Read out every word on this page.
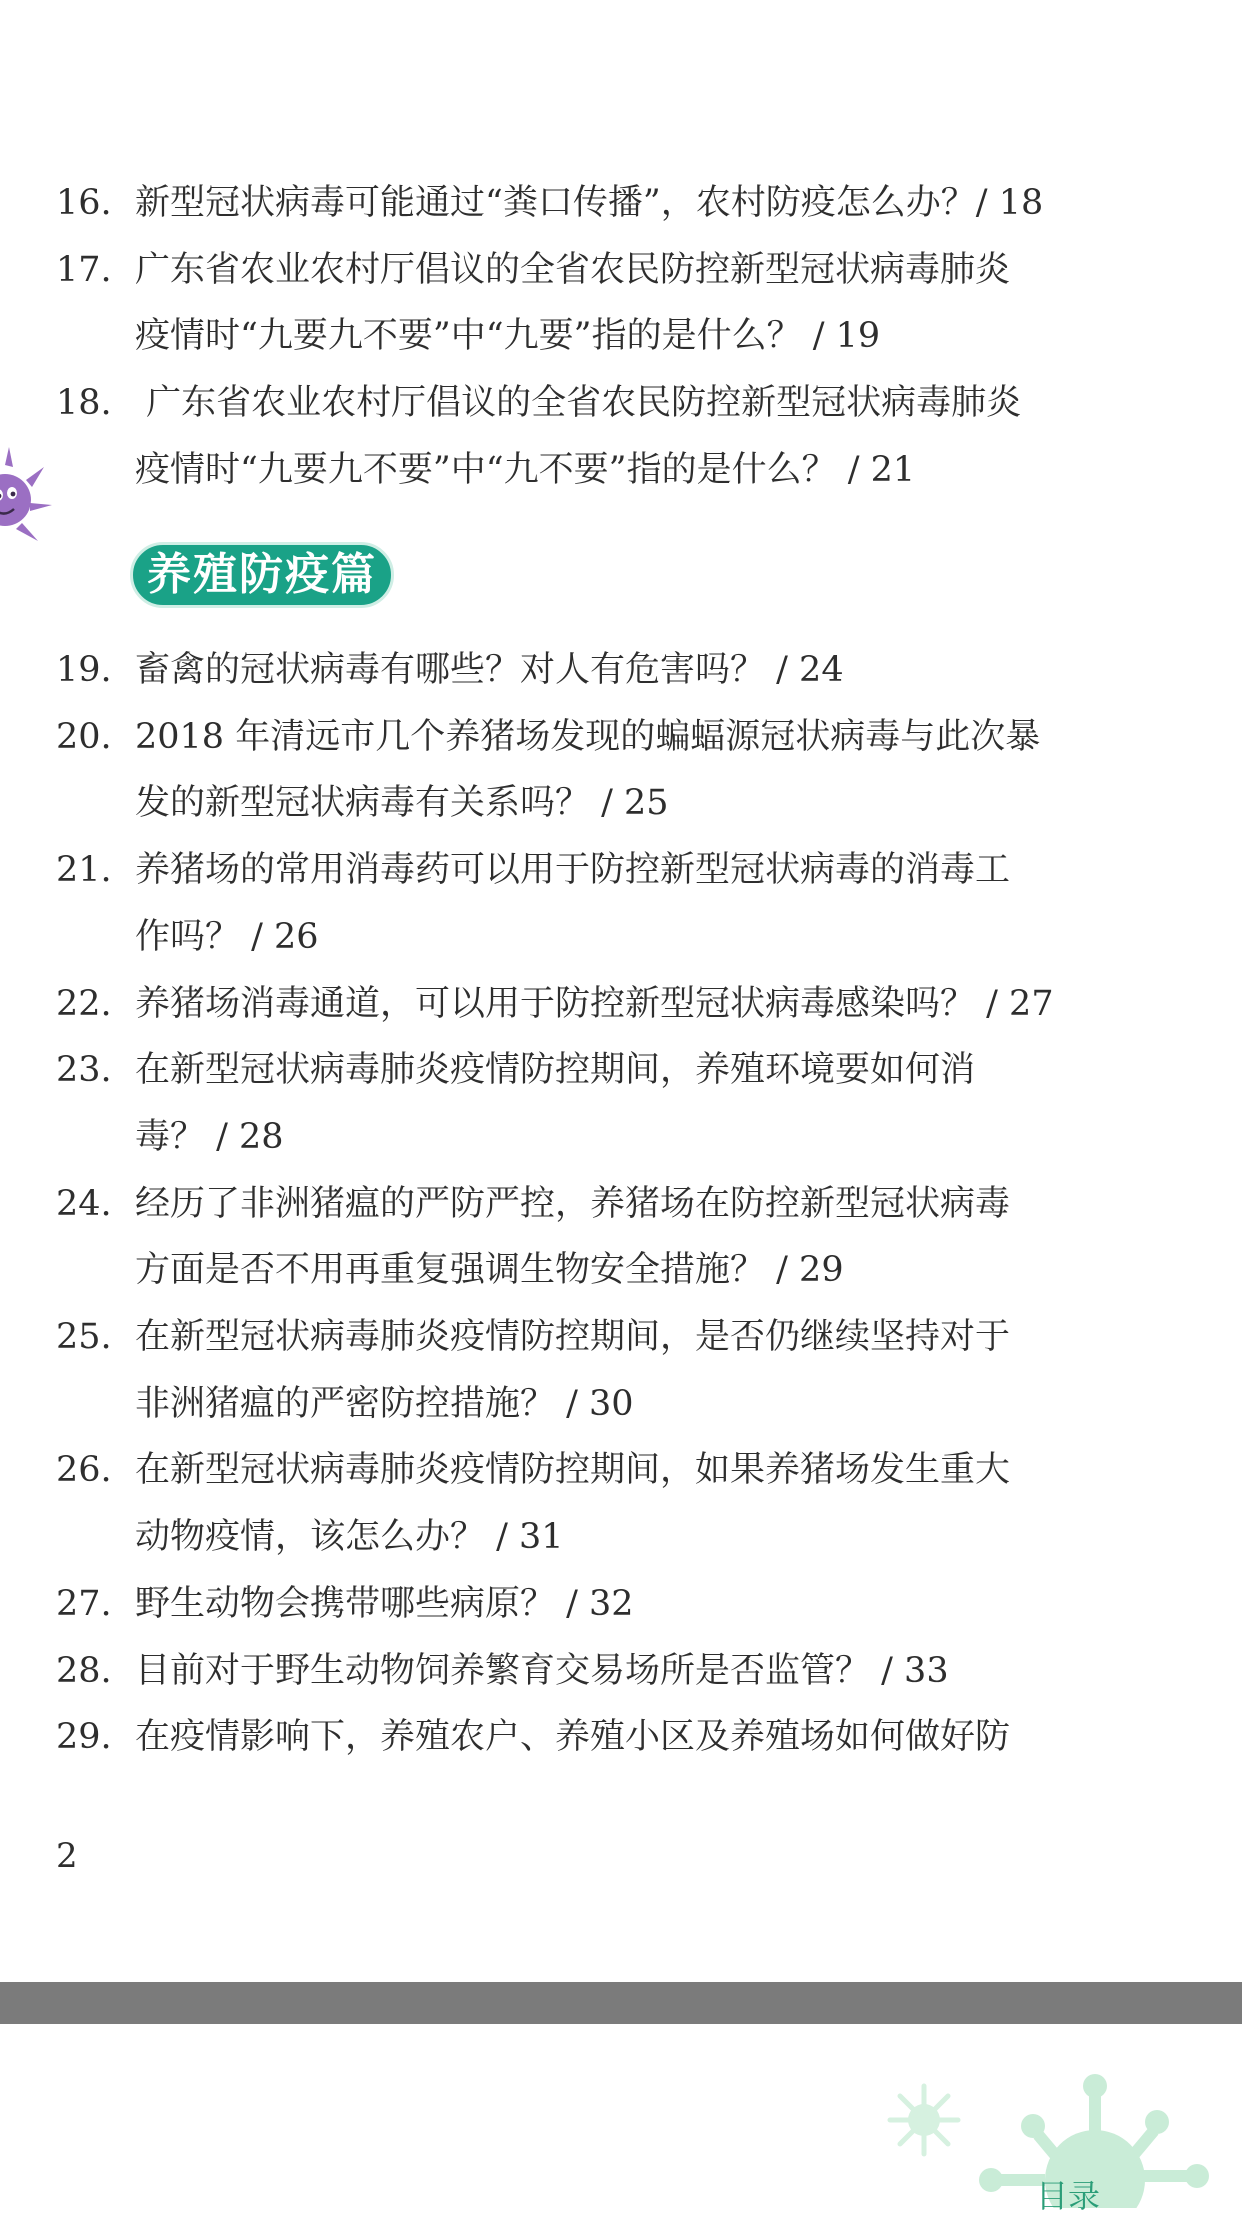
16. 新型冠状病毒可能通过“粪口传播”，农村防疫怎么办？/ 18
17. 广东省农业农村厅倡议的全省农民防控新型冠状病毒肺炎
疫情时“九要九不要”中“九要”指的是什么？ / 19
18. 广东省农业农村厅倡议的全省农民防控新型冠状病毒肺炎
疫情时“九要九不要”中“九不要”指的是什么？ / 21
19. 畜禽的冠状病毒有哪些？对人有危害吗？ / 24
20. 2018 年清远市几个养猪场发现的蝙蝠源冠状病毒与此次暴
发的新型冠状病毒有关系吗？ / 25
21. 养猪场的常用消毒药可以用于防控新型冠状病毒的消毒工
作吗？ / 26
22. 养猪场消毒通道，可以用于防控新型冠状病毒感染吗？ / 27
23. 在新型冠状病毒肺炎疫情防控期间，养殖环境要如何消
毒？ / 28
24. 经历了非洲猪瘟的严防严控，养猪场在防控新型冠状病毒
方面是否不用再重复强调生物安全措施？ / 29
25. 在新型冠状病毒肺炎疫情防控期间，是否仍继续坚持对于
非洲猪瘟的严密防控措施？ / 30
26. 在新型冠状病毒肺炎疫情防控期间，如果养猪场发生重大
动物疫情，该怎么办？ / 31
27. 野生动物会携带哪些病原？ / 32
28. 目前对于野生动物饲养繁育交易场所是否监管？ / 33
29. 在疫情影响下，养殖农户、养殖小区及养殖场如何做好防
养殖防疫篇
2
目录
